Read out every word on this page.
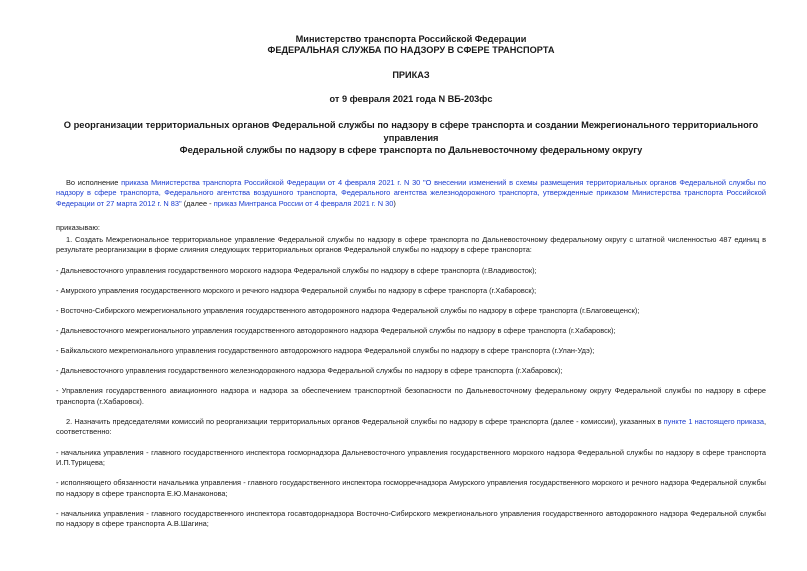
Министерство транспорта Российской Федерации
ФЕДЕРАЛЬНАЯ СЛУЖБА ПО НАДЗОРУ В СФЕРЕ ТРАНСПОРТА
ПРИКАЗ
от 9 февраля 2021 года N ВБ-203фс
О реорганизации территориальных органов Федеральной службы по надзору в сфере транспорта и создании Межрегионального территориального управления
Федеральной службы по надзору в сфере транспорта по Дальневосточному федеральному округу

Во исполнение приказа Министерства транспорта Российской Федерации от 4 февраля 2021 г. N 30 "О внесении изменений в схемы размещения территориальных органов Федеральной службы по надзору в сфере транспорта, Федерального агентства воздушного транспорта, Федерального агентства железнодорожного транспорта, утвержденные приказом Министерства транспорта Российской Федерации от 27 марта 2012 г. N 83" (далее - приказ Минтранса России от 4 февраля 2021 г. N 30)

приказываю:

1. Создать Межрегиональное территориальное управление Федеральной службы по надзору в сфере транспорта по Дальневосточному федеральному округу с штатной численностью 487 единиц в результате реорганизации в форме слияния следующих территориальных органов Федеральной службы по надзору в сфере транспорта:

- Дальневосточного управления государственного морского надзора Федеральной службы по надзору в сфере транспорта (г.Владивосток);

- Амурского управления государственного морского и речного надзора Федеральной службы по надзору в сфере транспорта (г.Хабаровск);

- Восточно-Сибирского межрегионального управления государственного автодорожного надзора Федеральной службы по надзору в сфере транспорта (г.Благовещенск);

- Дальневосточного межрегионального управления государственного автодорожного надзора Федеральной службы по надзору в сфере транспорта (г.Хабаровск);

- Байкальского межрегионального управления государственного автодорожного надзора Федеральной службы по надзору в сфере транспорта (г.Улан-Удэ);

- Дальневосточного управления государственного железнодорожного надзора Федеральной службы по надзору в сфере транспорта (г.Хабаровск);

- Управления государственного авиационного надзора и надзора за обеспечением транспортной безопасности по Дальневосточному федеральному округу Федеральной службы по надзору в сфере транспорта (г.Хабаровск).

2. Назначить председателями комиссий по реорганизации территориальных органов Федеральной службы по надзору в сфере транспорта (далее - комиссии), указанных в пункте 1 настоящего приказа, соответственно:

- начальника управления - главного государственного инспектора госморнадзора Дальневосточного управления государственного морского надзора Федеральной службы по надзору в сфере транспорта И.П.Турицева;

- исполняющего обязанности начальника управления - главного государственного инспектора госморречнадзора Амурского управления государственного морского и речного надзора Федеральной службы по надзору в сфере транспорта Е.Ю.Манаконова;

- начальника управления - главного государственного инспектора госавтодорнадзора Восточно-Сибирского межрегионального управления государственного автодорожного надзора Федеральной службы по надзору в сфере транспорта А.В.Шагина;
